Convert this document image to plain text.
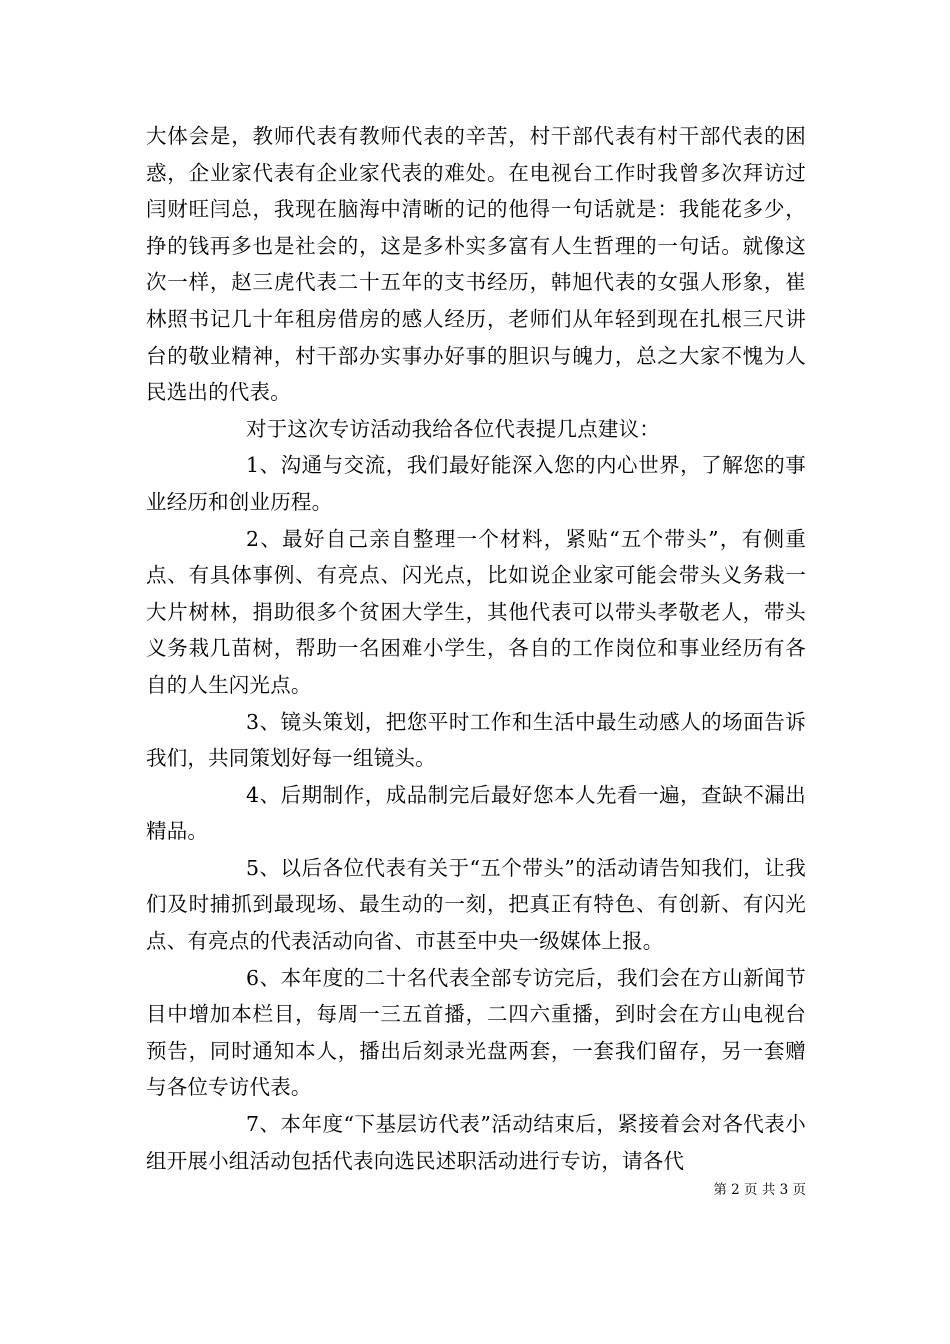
大体会是，教师代表有教师代表的辛苦，村干部代表有村干部代表的困惑，企业家代表有企业家代表的难处。在电视台工作时我曾多次拜访过闫财旺闫总，我现在脑海中清晰的记的他得一句话就是：我能花多少，挣的钱再多也是社会的，这是多朴实多富有人生哲理的一句话。就像这次一样，赵三虎代表二十五年的支书经历，韩旭代表的女强人形象，崔林照书记几十年租房借房的感人经历，老师们从年轻到现在扎根三尺讲台的敬业精神，村干部办实事办好事的胆识与魄力，总之大家不愧为人民选出的代表。

对于这次专访活动我给各位代表提几点建议：

1、沟通与交流，我们最好能深入您的内心世界，了解您的事业经历和创业历程。

2、最好自己亲自整理一个材料，紧贴“五个带头”，有侧重点、有具体事例、有亮点、闪光点，比如说企业家可能会带头义务栽一大片树林，捐助很多个贫困大学生，其他代表可以带头孝敬老人，带头义务栽几苗树，帮助一名困难小学生，各自的工作岗位和事业经历有各自的人生闪光点。

3、镜头策划，把您平时工作和生活中最生动感人的场面告诉我们，共同策划好每一组镜头。

4、后期制作，成品制完后最好您本人先看一遍，查缺不漏出精品。

5、以后各位代表有关于“五个带头”的活动请告知我们，让我们及时捕抓到最现场、最生动的一刻，把真正有特色、有创新、有闪光点、有亮点的代表活动向省、市甚至中央一级媒体上报。

6、本年度的二十名代表全部专访完后，我们会在方山新闻节目中增加本栏目，每周一三五首播，二四六重播，到时会在方山电视台预告，同时通知本人，播出后刻录光盘两套，一套我们留存，另一套赠与各位专访代表。

7、本年度“下基层访代表”活动结束后，紧接着会对各代表小组开展小组活动包括代表向选民述职活动进行专访，请各代

第 2 页 共 3 页
